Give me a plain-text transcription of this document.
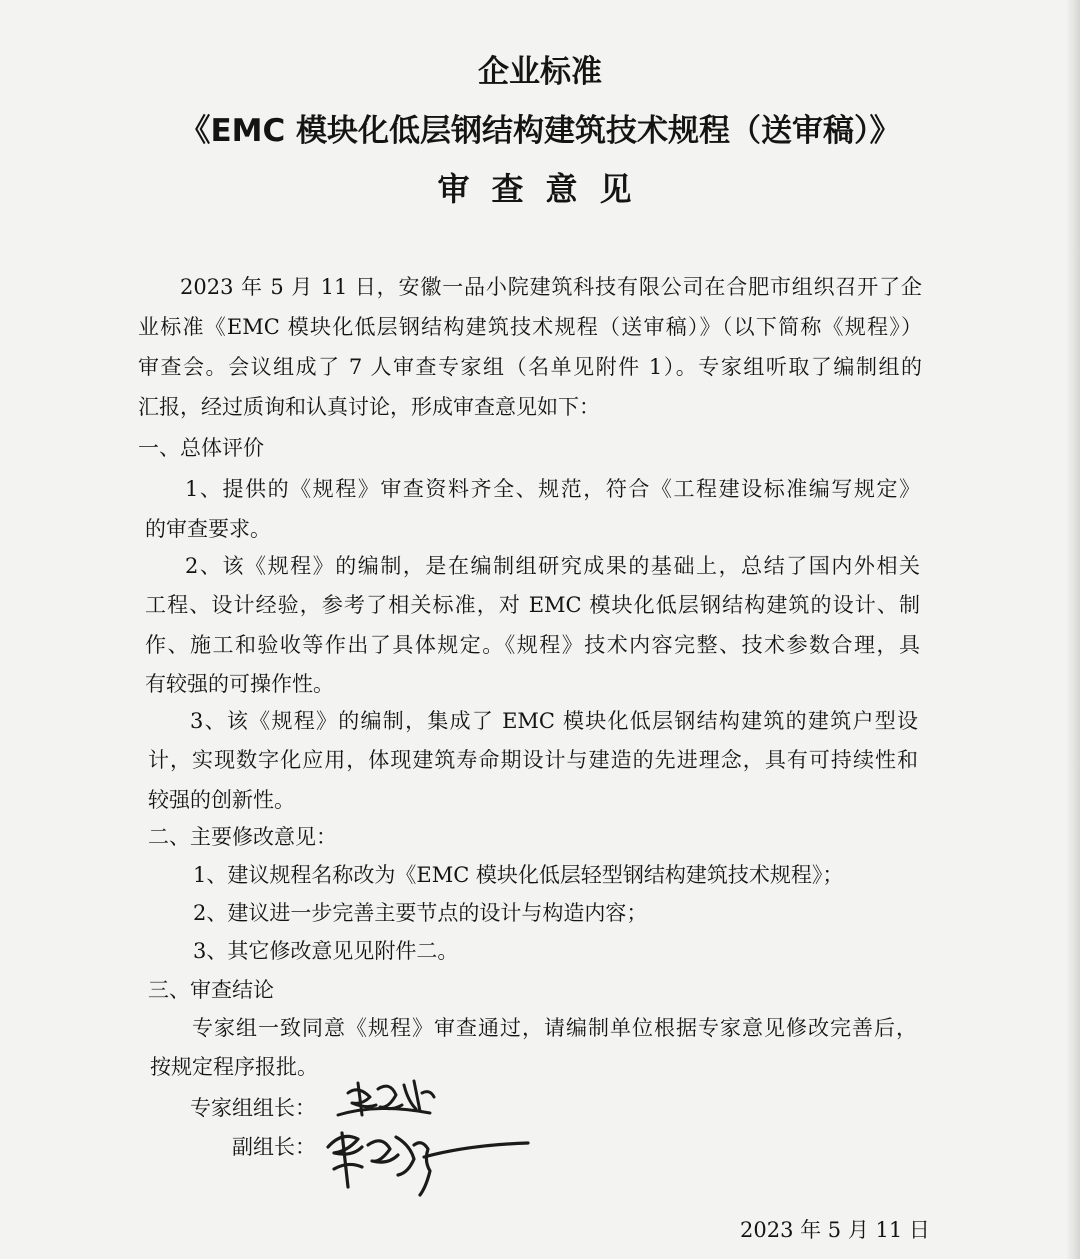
企业标准
《EMC 模块化低层钢结构建筑技术规程（送审稿）》
审查意见
2023 年 5 月 11 日，安徽一品小院建筑科技有限公司在合肥市组织召开了企
业标准《EMC 模块化低层钢结构建筑技术规程（送审稿）》（以下简称《规程》）
审查会。会议组成了 7 人审查专家组（名单见附件 1）。专家组听取了编制组的
汇报，经过质询和认真讨论，形成审查意见如下：
一、总体评价
1、提供的《规程》审查资料齐全、规范，符合《工程建设标准编写规定》
的审查要求。
2、该《规程》的编制，是在编制组研究成果的基础上，总结了国内外相关
工程、设计经验，参考了相关标准，对 EMC 模块化低层钢结构建筑的设计、制
作、施工和验收等作出了具体规定。《规程》技术内容完整、技术参数合理，具
有较强的可操作性。
3、该《规程》的编制，集成了 EMC 模块化低层钢结构建筑的建筑户型设
计，实现数字化应用，体现建筑寿命期设计与建造的先进理念，具有可持续性和
较强的创新性。
二、主要修改意见：
1、建议规程名称改为《EMC 模块化低层轻型钢结构建筑技术规程》；
2、建议进一步完善主要节点的设计与构造内容；
3、其它修改意见见附件二。
三、审查结论
专家组一致同意《规程》审查通过，请编制单位根据专家意见修改完善后，
按规定程序报批。
专家组组长：
副组长：
2023 年 5 月 11 日
